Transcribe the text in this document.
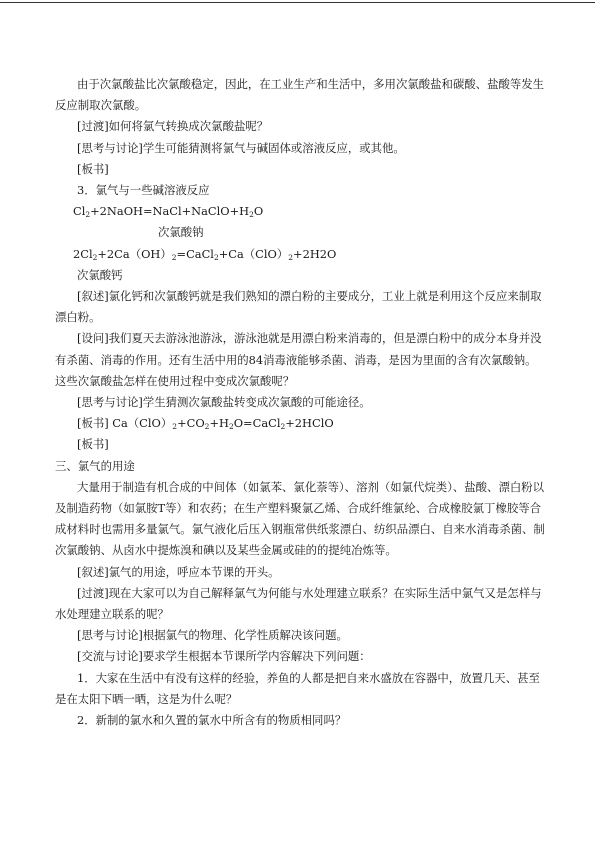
由于次氯酸盐比次氯酸稳定，因此，在工业生产和生活中，多用次氯酸盐和碳酸、盐酸等发生反应制取次氯酸。

[过渡]如何将氯气转换成次氯酸盐呢？

[思考与讨论]学生可能猜测将氯气与碱固体或溶液反应，或其他。

[板书]

3．氯气与一些碱溶液反应

$Cl_2+2NaOH=NaCl+NaClO+H_2O$

次氯酸钠

$2Cl_2+2Ca(OH)_2=CaCl_2+Ca(ClO)_2+2H2O$

次氯酸钙

[叙述]氯化钙和次氯酸钙就是我们熟知的漂白粉的主要成分，工业上就是利用这个反应来制取漂白粉。

[设问]我们夏天去游泳池游泳，游泳池就是用漂白粉来消毒的，但是漂白粉中的成分本身并没有杀菌、消毒的作用。还有生活中用的84消毒液能够杀菌、消毒，是因为里面的含有次氯酸钠。这些次氯酸盐怎样在使用过程中变成次氯酸呢？

[思考与讨论]学生猜测次氯酸盐转变成次氯酸的可能途径。

[板书] $Ca(ClO)_2+CO_2+H_2O=CaCl_2+2HClO$

[板书]

三、氯气的用途

大量用于制造有机合成的中间体（如氯苯、氯化萘等）、溶剂（如氯代烷类）、盐酸、漂白粉以及制造药物（如氯胺T等）和农药；在生产塑料聚氯乙烯、合成纤维氯纶、合成橡胶氯丁橡胶等合成材料时也需用多量氯气。氯气液化后压入钢瓶常供纸浆漂白、纺织品漂白、自来水消毒杀菌、制次氯酸钠、从卤水中提炼溴和碘以及某些金属或硅的的提纯冶炼等。

[叙述]氯气的用途，呼应本节课的开头。

[过渡]现在大家可以为自己解释氯气为何能与水处理建立联系？在实际生活中氯气又是怎样与水处理建立联系的呢？

[思考与讨论]根据氯气的物理、化学性质解决该问题。

[交流与讨论]要求学生根据本节课所学内容解决下列问题：

1．大家在生活中有没有这样的经验，养鱼的人都是把自来水盛放在容器中，放置几天、甚至是在太阳下晒一晒，这是为什么呢？

2．新制的氯水和久置的氯水中所含有的物质相同吗？
